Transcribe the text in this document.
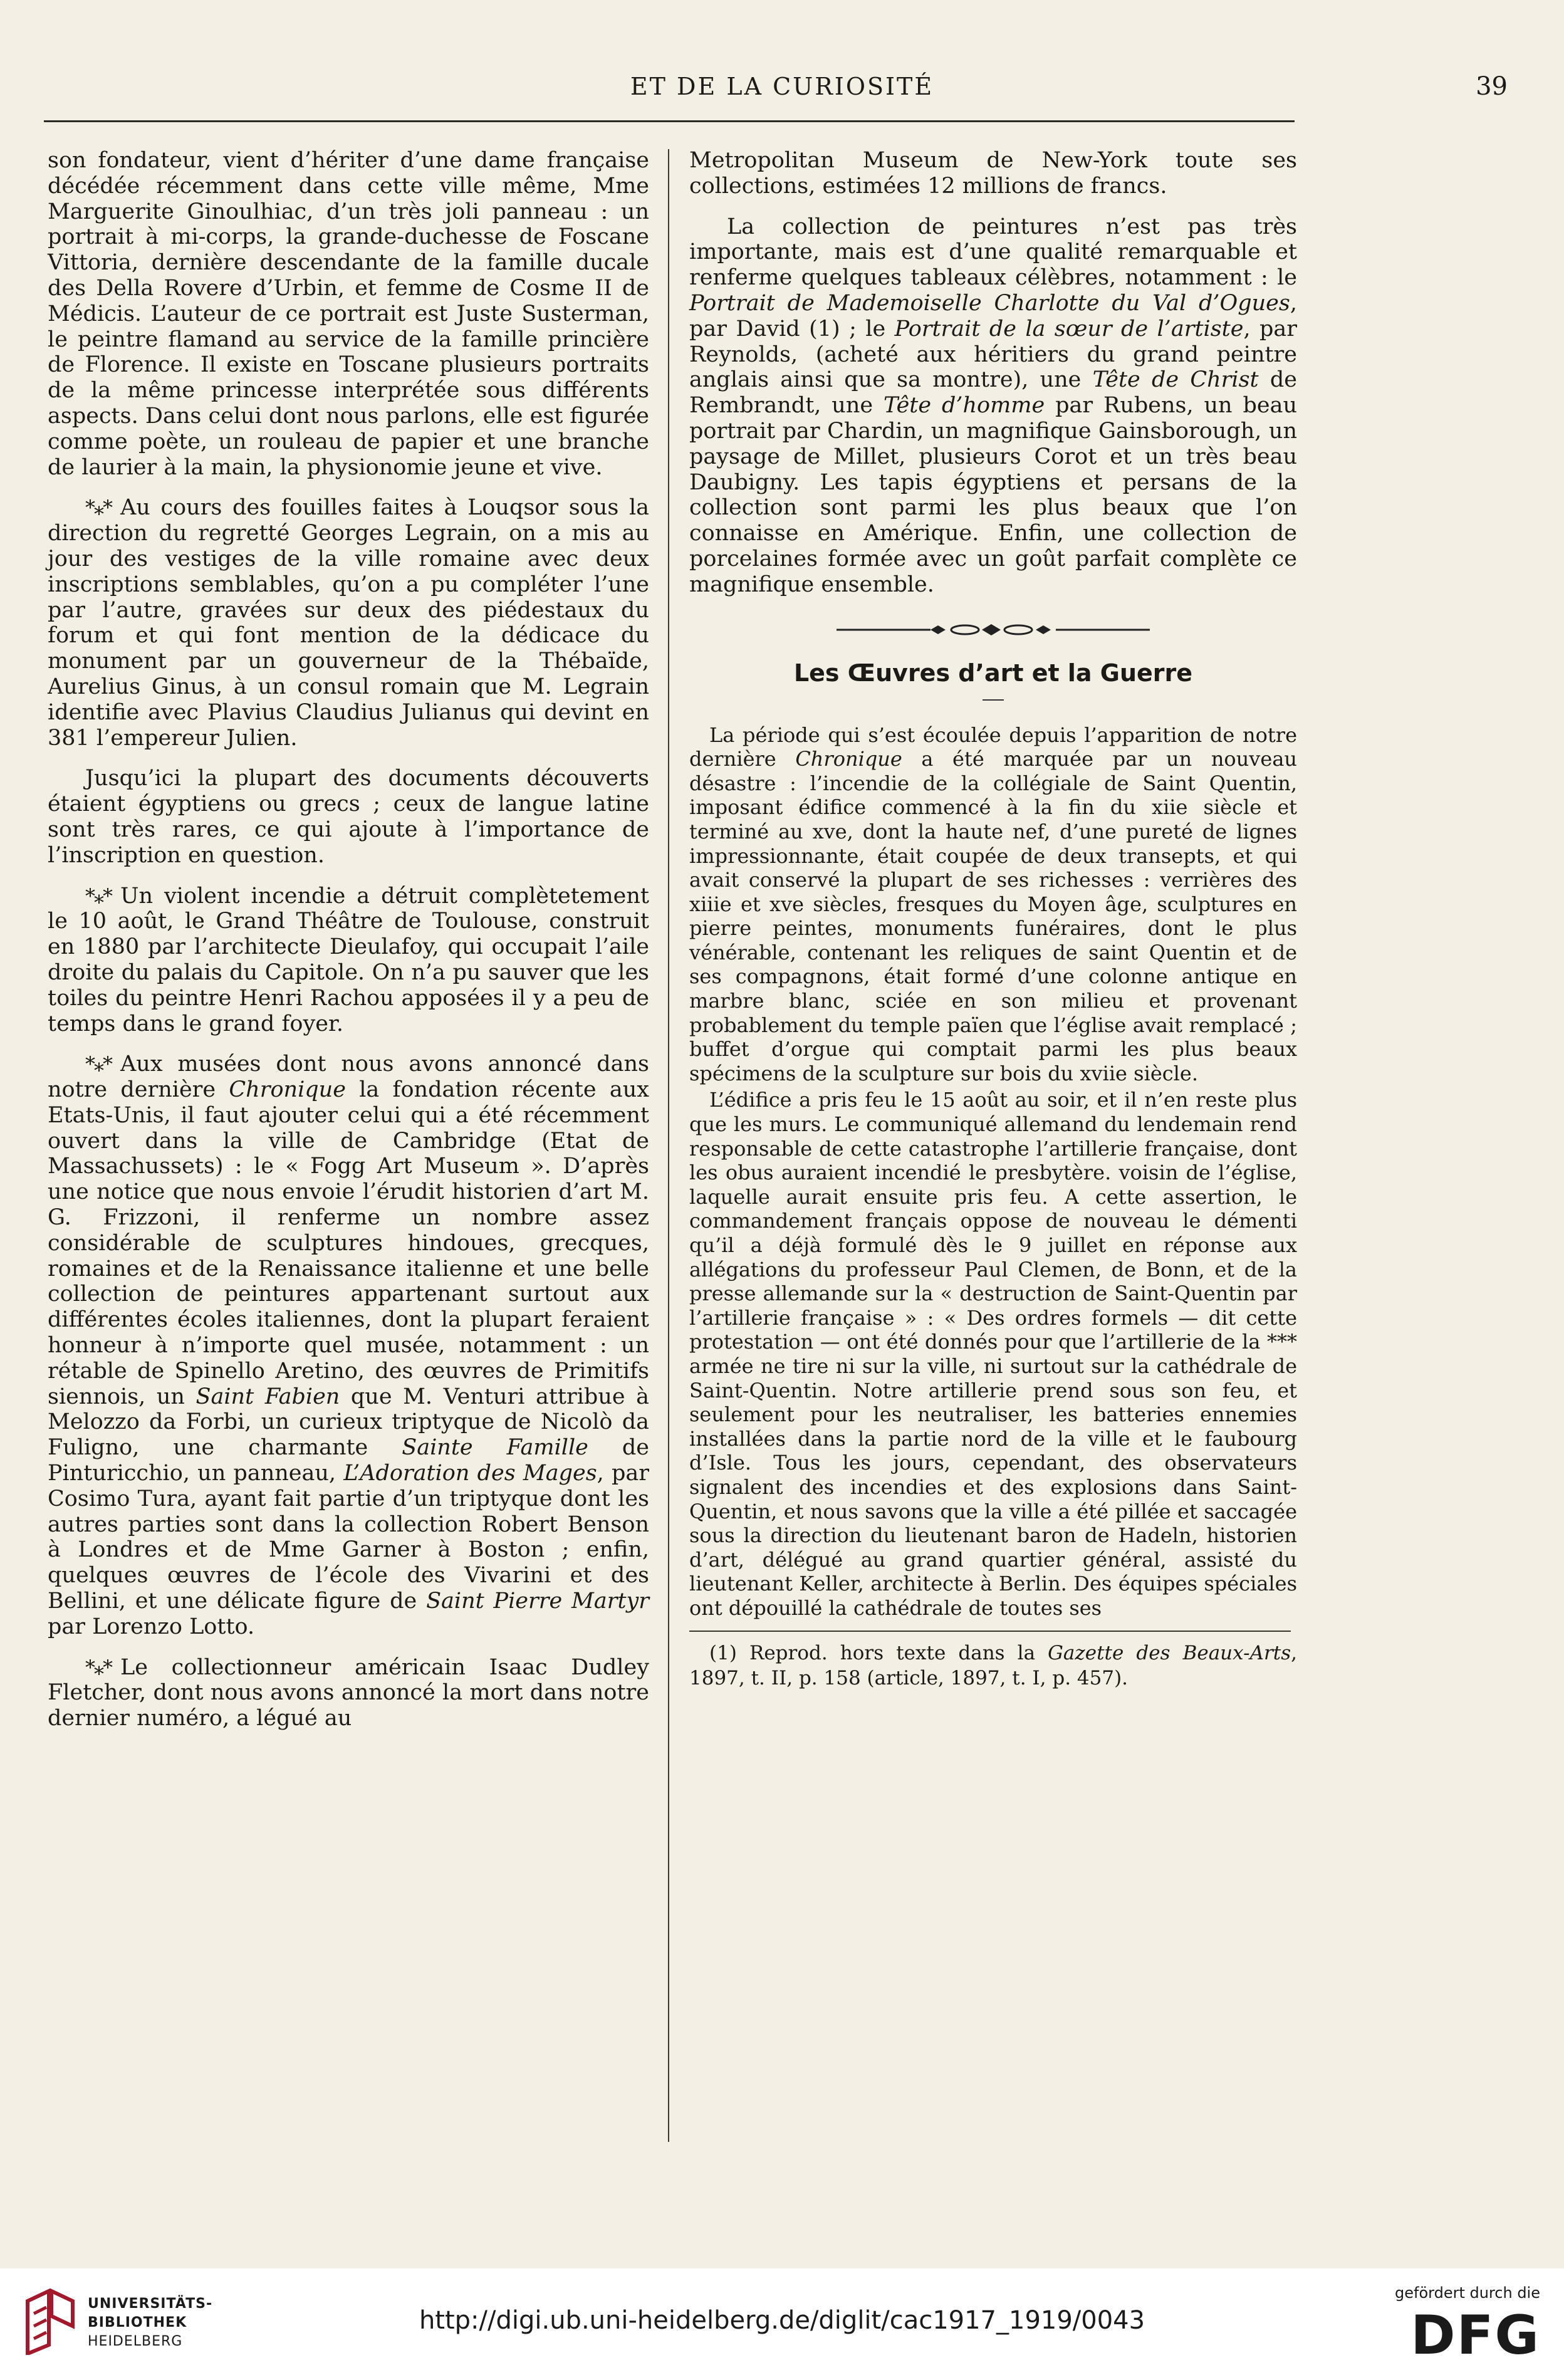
ET DE LA CURIOSITÉ	39

son fondateur, vient d’hériter d’une dame française décédée récemment dans cette ville même, Mme Marguerite Ginoulhiac, d’un très joli panneau : un portrait à mi-corps, la grande-duchesse de Foscane Vittoria, dernière descendante de la famille ducale des Della Rovere d’Urbin, et femme de Cosme II de Médicis. L’auteur de ce portrait est Juste Susterman, le peintre flamand au service de la famille princière de Florence. Il existe en Toscane plusieurs portraits de la même princesse interprétée sous différents aspects. Dans celui dont nous parlons, elle est figurée comme poète, un rouleau de papier et une branche de laurier à la main, la physionomie jeune et vive.

*⁎* Au cours des fouilles faites à Louqsor sous la direction du regretté Georges Legrain, on a mis au jour des vestiges de la ville romaine avec deux inscriptions semblables, qu’on a pu compléter l’une par l’autre, gravées sur deux des piédestaux du forum et qui font mention de la dédicace du monument par un gouverneur de la Thébaïde, Aurelius Ginus, à un consul romain que M. Legrain identifie avec Plavius Claudius Julianus qui devint en 381 l’empereur Julien.

Jusqu’ici la plupart des documents découverts étaient égyptiens ou grecs ; ceux de langue latine sont très rares, ce qui ajoute à l’importance de l’inscription en question.

*⁎* Un violent incendie a détruit complètetement le 10 août, le Grand Théâtre de Toulouse, construit en 1880 par l’architecte Dieulafoy, qui occupait l’aile droite du palais du Capitole. On n’a pu sauver que les toiles du peintre Henri Rachou apposées il y a peu de temps dans le grand foyer.

*⁎* Aux musées dont nous avons annoncé dans notre dernière Chronique la fondation récente aux Etats-Unis, il faut ajouter celui qui a été récemment ouvert dans la ville de Cambridge (Etat de Massachussets) : le « Fogg Art Museum ». D’après une notice que nous envoie l’érudit historien d’art M. G. Frizzoni, il renferme un nombre assez considérable de sculptures hindoues, grecques, romaines et de la Renaissance italienne et une belle collection de peintures appartenant surtout aux différentes écoles italiennes, dont la plupart feraient honneur à n’importe quel musée, notamment : un rétable de Spinello Aretino, des œuvres de Primitifs siennois, un Saint Fabien que M. Venturi attribue à Melozzo da Forbi, un curieux triptyque de Nicolò da Fuligno, une charmante Sainte Famille de Pinturicchio, un panneau, L’Adoration des Mages, par Cosimo Tura, ayant fait partie d’un triptyque dont les autres parties sont dans la collection Robert Benson à Londres et de Mme Garner à Boston ; enfin, quelques œuvres de l’école des Vivarini et des Bellini, et une délicate figure de Saint Pierre Martyr par Lorenzo Lotto.

*⁎* Le collectionneur américain Isaac Dudley Fletcher, dont nous avons annoncé la mort dans notre dernier numéro, a légué au

Metropolitan Museum de New-York toute ses collections, estimées 12 millions de francs.

La collection de peintures n’est pas très importante, mais est d’une qualité remarquable et renferme quelques tableaux célèbres, notamment : le Portrait de Mademoiselle Charlotte du Val d’Ogues, par David (1) ; le Portrait de la sœur de l’artiste, par Reynolds, (acheté aux héritiers du grand peintre anglais ainsi que sa montre), une Tête de Christ de Rembrandt, une Tête d’homme par Rubens, un beau portrait par Chardin, un magnifique Gainsborough, un paysage de Millet, plusieurs Corot et un très beau Daubigny. Les tapis égyptiens et persans de la collection sont parmi les plus beaux que l’on connaisse en Amérique. Enfin, une collection de porcelaines formée avec un goût parfait complète ce magnifique ensemble.

Les Œuvres d’art et la Guerre

La période qui s’est écoulée depuis l’apparition de notre dernière Chronique a été marquée par un nouveau désastre : l’incendie de la collégiale de Saint Quentin, imposant édifice commencé à la fin du xiie siècle et terminé au xve, dont la haute nef, d’une pureté de lignes impressionnante, était coupée de deux transepts, et qui avait conservé la plupart de ses richesses : verrières des xiiie et xve siècles, fresques du Moyen âge, sculptures en pierre peintes, monuments funéraires, dont le plus vénérable, contenant les reliques de saint Quentin et de ses compagnons, était formé d’une colonne antique en marbre blanc, sciée en son milieu et provenant probablement du temple païen que l’église avait remplacé ; buffet d’orgue qui comptait parmi les plus beaux spécimens de la sculpture sur bois du xviie siècle.

L’édifice a pris feu le 15 août au soir, et il n’en reste plus que les murs. Le communiqué allemand du lendemain rend responsable de cette catastrophe l’artillerie française, dont les obus auraient incendié le presbytère. voisin de l’église, laquelle aurait ensuite pris feu. A cette assertion, le commandement français oppose de nouveau le démenti qu’il a déjà formulé dès le 9 juillet en réponse aux allégations du professeur Paul Clemen, de Bonn, et de la presse allemande sur la « destruction de Saint-Quentin par l’artillerie française » : « Des ordres formels — dit cette protestation — ont été donnés pour que l’artillerie de la *** armée ne tire ni sur la ville, ni surtout sur la cathédrale de Saint-Quentin. Notre artillerie prend sous son feu, et seulement pour les neutraliser, les batteries ennemies installées dans la partie nord de la ville et le faubourg d’Isle. Tous les jours, cependant, des observateurs signalent des incendies et des explosions dans Saint-Quentin, et nous savons que la ville a été pillée et saccagée sous la direction du lieutenant baron de Hadeln, historien d’art, délégué au grand quartier général, assisté du lieutenant Keller, architecte à Berlin. Des équipes spéciales ont dépouillé la cathédrale de toutes ses

(1) Reprod. hors texte dans la Gazette des Beaux-Arts, 1897, t. II, p. 158 (article, 1897, t. I, p. 457).

UNIVERSITÄTS-
BIBLIOTHEK
HEIDELBERG
http://digi.ub.uni-heidelberg.de/diglit/cac1917_1919/0043
gefördert durch die
DFG
